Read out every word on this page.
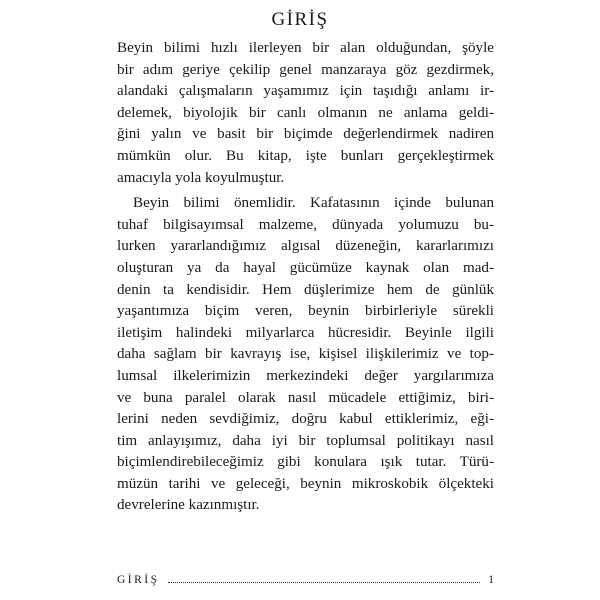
GİRİŞ
Beyin bilimi hızlı ilerleyen bir alan olduğundan, şöyle
bir adım geriye çekilip genel manzaraya göz gezdirmek,
alandaki çalışmaların yaşamımız için taşıdığı anlamı ir-
delemek, biyolojik bir canlı olmanın ne anlama geldi-
ğini yalın ve basit bir biçimde değerlendirmek nadiren
mümkün olur. Bu kitap, işte bunları gerçekleştirmek
amacıyla yola koyulmuştur.
Beyin bilimi önemlidir. Kafatasının içinde bulunan
tuhaf bilgisayımsal malzeme, dünyada yolumuzu bu-
lurken yararlandığımız algısal düzeneğin, kararlarımızı
oluşturan ya da hayal gücümüze kaynak olan mad-
denin ta kendisidir. Hem düşlerimize hem de günlük
yaşantımıza biçim veren, beynin birbirleriyle sürekli
iletişim halindeki milyarlarca hücresidir. Beyinle ilgili
daha sağlam bir kavrayış ise, kişisel ilişkilerimiz ve top-
lumsal ilkelerimizin merkezindeki değer yargılarımıza
ve buna paralel olarak nasıl mücadele ettiğimiz, biri-
lerini neden sevdiğimiz, doğru kabul ettiklerimiz, eği-
tim anlayışımız, daha iyi bir toplumsal politikayı nasıl
biçimlendirebileceğimiz gibi konulara ışık tutar. Türü-
müzün tarihi ve geleceği, beynin mikroskobik ölçekteki
devrelerine kazınmıştır.
GİRİŞ	1
